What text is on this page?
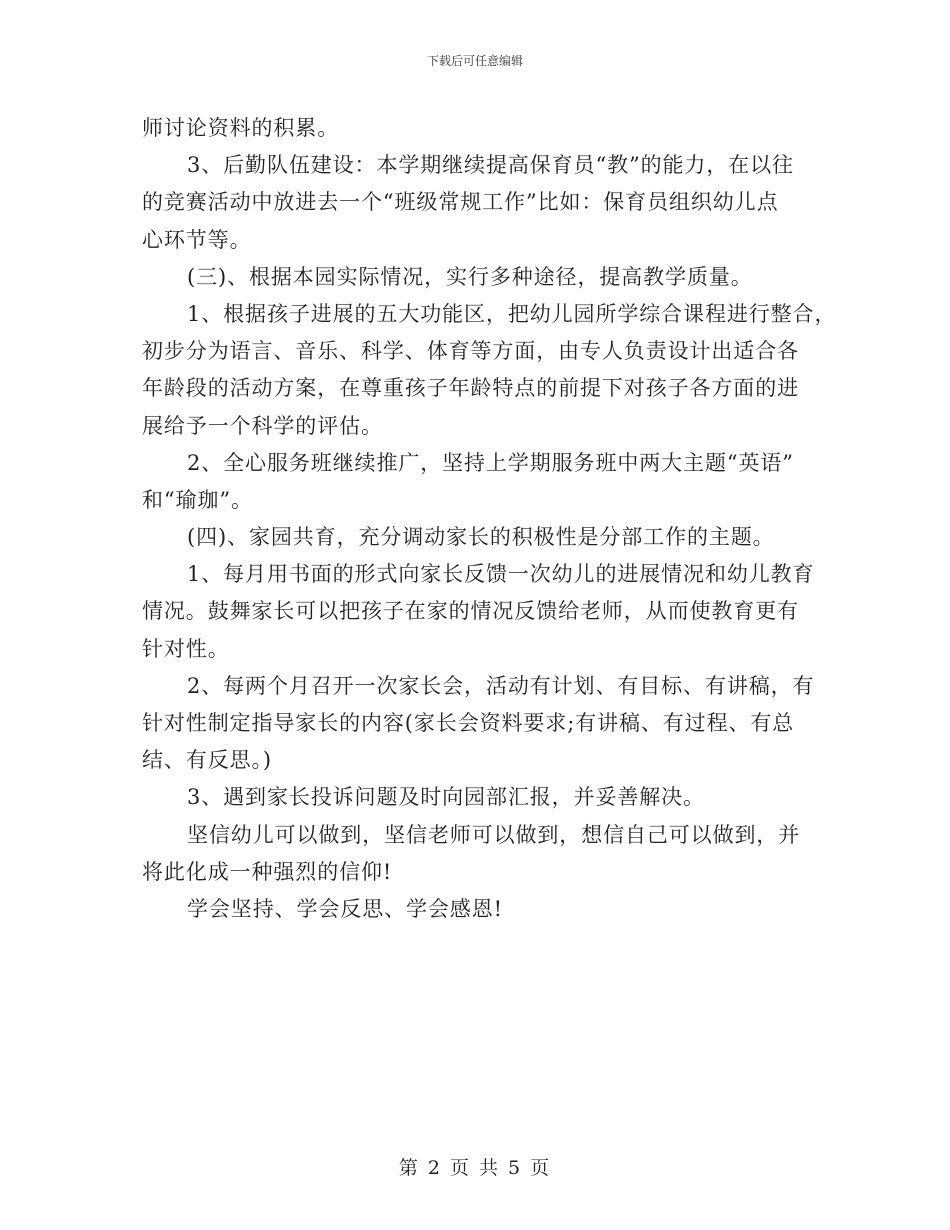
下载后可任意编辑
师讨论资料的积累。
3、后勤队伍建设：本学期继续提高保育员“教”的能力，在以往
的竞赛活动中放进去一个“班级常规工作”比如：保育员组织幼儿点
心环节等。
(三)、根据本园实际情况，实行多种途径，提高教学质量。
1、根据孩子进展的五大功能区，把幼儿园所学综合课程进行整合，
初步分为语言、音乐、科学、体育等方面，由专人负责设计出适合各
年龄段的活动方案，在尊重孩子年龄特点的前提下对孩子各方面的进
展给予一个科学的评估。
2、全心服务班继续推广，坚持上学期服务班中两大主题“英语”
和“瑜珈”。
(四)、家园共育，充分调动家长的积极性是分部工作的主题。
1、每月用书面的形式向家长反馈一次幼儿的进展情况和幼儿教育
情况。鼓舞家长可以把孩子在家的情况反馈给老师，从而使教育更有
针对性。
2、每两个月召开一次家长会，活动有计划、有目标、有讲稿，有
针对性制定指导家长的内容(家长会资料要求;有讲稿、有过程、有总
结、有反思。)
3、遇到家长投诉问题及时向园部汇报，并妥善解决。
坚信幼儿可以做到，坚信老师可以做到，想信自己可以做到，并
将此化成一种强烈的信仰!
学会坚持、学会反思、学会感恩!
第 2 页 共 5 页
